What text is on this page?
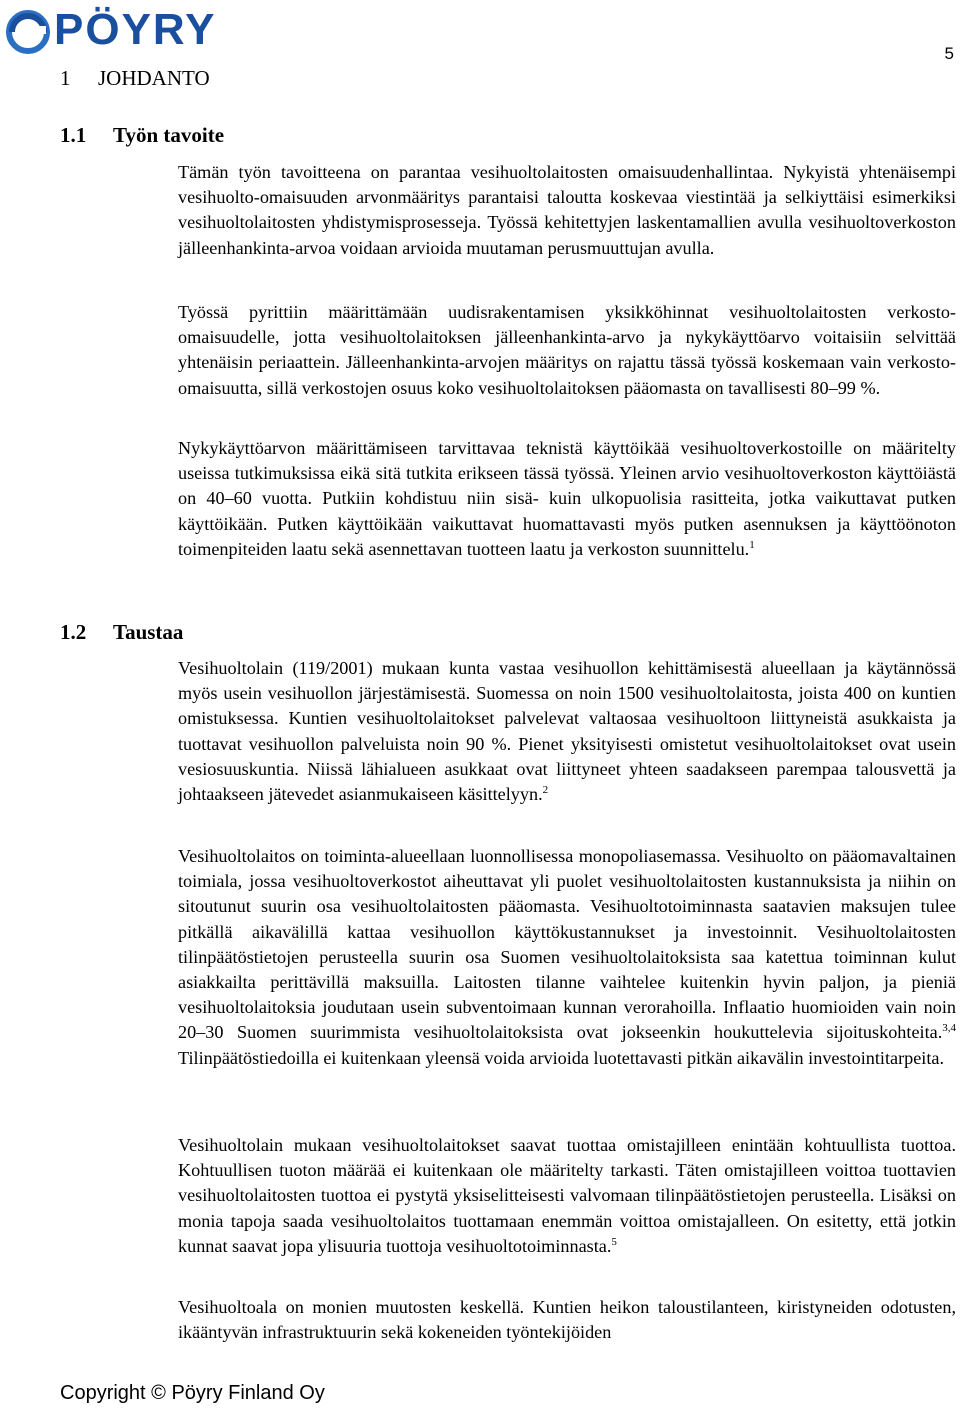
PÖYRY	5
1 JOHDANTO
1.1 Työn tavoite

Tämän työn tavoitteena on parantaa vesihuoltolaitosten omaisuudenhallintaa. Nykyistä yhtenäisempi vesihuolto-omaisuuden arvonmääritys parantaisi taloutta koskevaa viestintää ja selkiyttäisi esimerkiksi vesihuoltolaitosten yhdistymisprosesseja. Työssä kehitettyjen laskentamallien avulla vesihuoltoverkoston jälleenhankinta-arvoa voidaan arvioida muutaman perusmuuttujan avulla.

Työssä pyrittiin määrittämään uudisrakentamisen yksikköhinnat vesihuoltolaitosten verkosto-omaisuudelle, jotta vesihuoltolaitoksen jälleenhankinta-arvo ja nykykäyttöarvo voitaisiin selvittää yhtenäisin periaattein. Jälleenhankinta-arvojen määritys on rajattu tässä työssä koskemaan vain verkosto-omaisuutta, sillä verkostojen osuus koko vesihuoltolaitoksen pääomasta on tavallisesti 80–99 %.

Nykykäyttöarvon määrittämiseen tarvittavaa teknistä käyttöikää vesihuoltoverkostoille on määritelty useissa tutkimuksissa eikä sitä tutkita erikseen tässä työssä. Yleinen arvio vesihuoltoverkoston käyttöiästä on 40–60 vuotta. Putkiin kohdistuu niin sisä- kuin ulkopuolisia rasitteita, jotka vaikuttavat putken käyttöikään. Putken käyttöikään vaikuttavat huomattavasti myös putken asennuksen ja käyttöönoton toimenpiteiden laatu sekä asennettavan tuotteen laatu ja verkoston suunnittelu.$^1$

1.2 Taustaa

Vesihuoltolain (119/2001) mukaan kunta vastaa vesihuollon kehittämisestä alueellaan ja käytännössä myös usein vesihuollon järjestämisestä. Suomessa on noin 1500 vesihuoltolaitosta, joista 400 on kuntien omistuksessa. Kuntien vesihuoltolaitokset palvelevat valtaosaa vesihuoltoon liittyneistä asukkaista ja tuottavat vesihuollon palveluista noin 90 %. Pienet yksityisesti omistetut vesihuoltolaitokset ovat usein vesiosuuskuntia. Niissä lähialueen asukkaat ovat liittyneet yhteen saadakseen parempaa talousvettä ja johtaakseen jätevedet asianmukaiseen käsittelyyn.$^2$

Vesihuoltolaitos on toiminta-alueellaan luonnollisessa monopoliasemassa. Vesihuolto on pääomavaltainen toimiala, jossa vesihuoltoverkostot aiheuttavat yli puolet vesihuoltolaitosten kustannuksista ja niihin on sitoutunut suurin osa vesihuoltolaitosten pääomasta. Vesihuoltotoiminnasta saatavien maksujen tulee pitkällä aikavälillä kattaa vesihuollon käyttökustannukset ja investoinnit. Vesihuoltolaitosten tilinpäätöstietojen perusteella suurin osa Suomen vesihuoltolaitoksista saa katettua toiminnan kulut asiakkailta perittävillä maksuilla. Laitosten tilanne vaihtelee kuitenkin hyvin paljon, ja pieniä vesihuoltolaitoksia joudutaan usein subventoimaan kunnan verorahoilla. Inflaatio huomioiden vain noin 20–30 Suomen suurimmista vesihuoltolaitoksista ovat jokseenkin houkuttelevia sijoituskohteita.$^{3,4}$ Tilinpäätöstiedoilla ei kuitenkaan yleensä voida arvioida luotettavasti pitkän aikavälin investointitarpeita.

Vesihuoltolain mukaan vesihuoltolaitokset saavat tuottaa omistajilleen enintään kohtuullista tuottoa. Kohtuullisen tuoton määrää ei kuitenkaan ole määritelty tarkasti. Täten omistajilleen voittoa tuottavien vesihuoltolaitosten tuottoa ei pystytä yksiselitteisesti valvomaan tilinpäätöstietojen perusteella. Lisäksi on monia tapoja saada vesihuoltolaitos tuottamaan enemmän voittoa omistajalleen. On esitetty, että jotkin kunnat saavat jopa ylisuuria tuottoja vesihuoltotoiminnasta.$^5$

Vesihuoltoala on monien muutosten keskellä. Kuntien heikon taloustilanteen, kiristyneiden odotusten, ikääntyvän infrastruktuurin sekä kokeneiden työntekijöiden

Copyright © Pöyry Finland Oy
